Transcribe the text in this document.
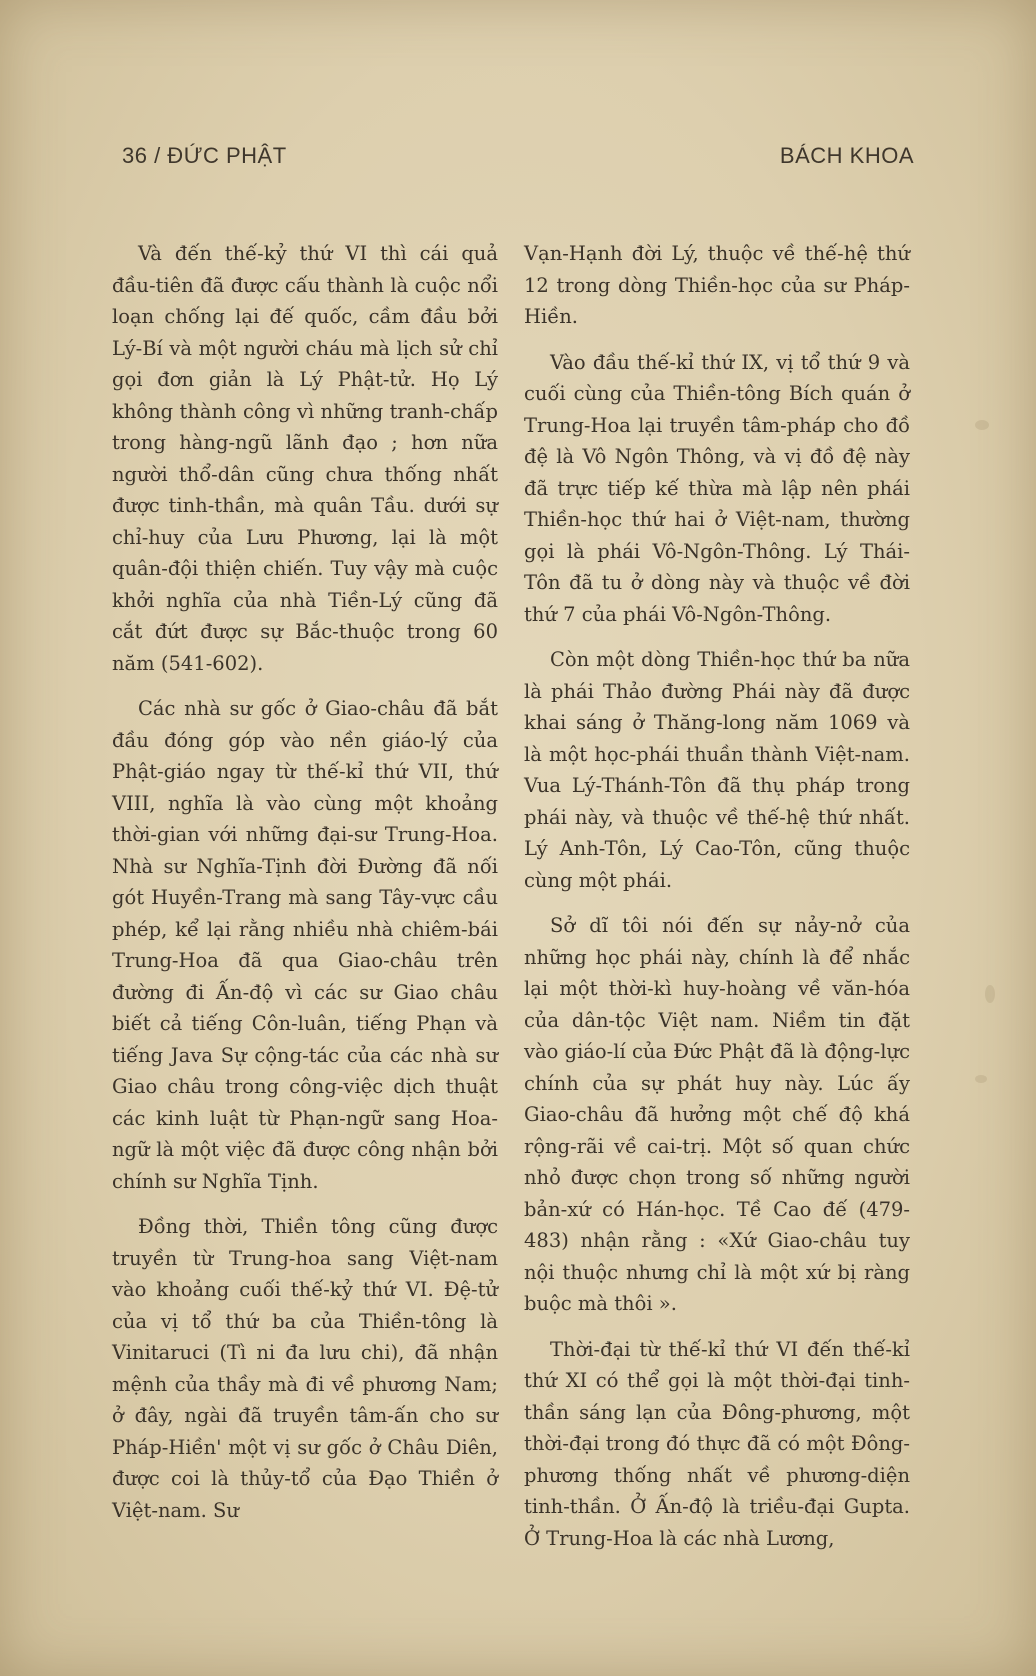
36 / ĐỨC PHẬT	BÁCH KHOA

Và đến thế-kỷ thứ VI thì cái quả đầu-tiên đã được cấu thành là cuộc nổi loạn chống lại đế quốc, cầm đầu bởi Lý-Bí và một người cháu mà lịch sử chỉ gọi đơn giản là Lý Phật-tử. Họ Lý không thành công vì những tranh-chấp trong hàng-ngũ lãnh đạo ; hơn nữa người thổ-dân cũng chưa thống nhất được tinh-thần, mà quân Tầu. dưới sự chỉ-huy của Lưu Phương, lại là một quân-đội thiện chiến. Tuy vậy mà cuộc khởi nghĩa của nhà Tiền-Lý cũng đã cắt đứt được sự Bắc-thuộc trong 60 năm (541-602).

Các nhà sư gốc ở Giao-châu đã bắt đầu đóng góp vào nền giáo-lý của Phật-giáo ngay từ thế-kỉ thứ VII, thứ VIII, nghĩa là vào cùng một khoảng thời-gian với những đại-sư Trung-Hoa. Nhà sư Nghĩa-Tịnh đời Đường đã nối gót Huyền-Trang mà sang Tây-vực cầu phép, kể lại rằng nhiều nhà chiêm-bái Trung-Hoa đã qua Giao-châu trên đường đi Ấn-độ vì các sư Giao châu biết cả tiếng Côn-luân, tiếng Phạn và tiếng Java Sự cộng-tác của các nhà sư Giao châu trong công-việc dịch thuật các kinh luật từ Phạn-ngữ sang Hoa-ngữ là một việc đã được công nhận bởi chính sư Nghĩa Tịnh.

Đồng thời, Thiền tông cũng được truyền từ Trung-hoa sang Việt-nam vào khoảng cuối thế-kỷ thứ VI. Đệ-tử của vị tổ thứ ba của Thiền-tông là Vinitaruci (Tì ni đa lưu chi), đã nhận mệnh của thầy mà đi về phương Nam; ở đây, ngài đã truyền tâm-ấn cho sư Pháp-Hiền' một vị sư gốc ở Châu Diên, được coi là thủy-tổ của Đạo Thiền ở Việt-nam. Sư

Vạn-Hạnh đời Lý, thuộc về thế-hệ thứ 12 trong dòng Thiền-học của sư Pháp-Hiền.

Vào đầu thế-kỉ thứ IX, vị tổ thứ 9 và cuối cùng của Thiền-tông Bích quán ở Trung-Hoa lại truyền tâm-pháp cho đồ đệ là Vô Ngôn Thông, và vị đồ đệ này đã trực tiếp kế thừa mà lập nên phái Thiền-học thứ hai ở Việt-nam, thường gọi là phái Vô-Ngôn-Thông. Lý Thái-Tôn đã tu ở dòng này và thuộc về đời thứ 7 của phái Vô-Ngôn-Thông.

Còn một dòng Thiền-học thứ ba nữa là phái Thảo đường Phái này đã được khai sáng ở Thăng-long năm 1069 và là một học-phái thuần thành Việt-nam. Vua Lý-Thánh-Tôn đã thụ pháp trong phái này, và thuộc về thế-hệ thứ nhất. Lý Anh-Tôn, Lý Cao-Tôn, cũng thuộc cùng một phái.

Sở dĩ tôi nói đến sự nảy-nở của những học phái này, chính là để nhắc lại một thời-kì huy-hoàng về văn-hóa của dân-tộc Việt nam. Niềm tin đặt vào giáo-lí của Đức Phật đã là động-lực chính của sự phát huy này. Lúc ấy Giao-châu đã hưởng một chế độ khá rộng-rãi về cai-trị. Một số quan chức nhỏ được chọn trong số những người bản-xứ có Hán-học. Tề Cao đế (479-483) nhận rằng : «Xứ Giao-châu tuy nội thuộc nhưng chỉ là một xứ bị ràng buộc mà thôi ».

Thời-đại từ thế-kỉ thứ VI đến thế-kỉ thứ XI có thể gọi là một thời-đại tinh-thần sáng lạn của Đông-phương, một thời-đại trong đó thực đã có một Đông-phương thống nhất về phương-diện tinh-thần. Ở Ấn-độ là triều-đại Gupta. Ở Trung-Hoa là các nhà Lương,
